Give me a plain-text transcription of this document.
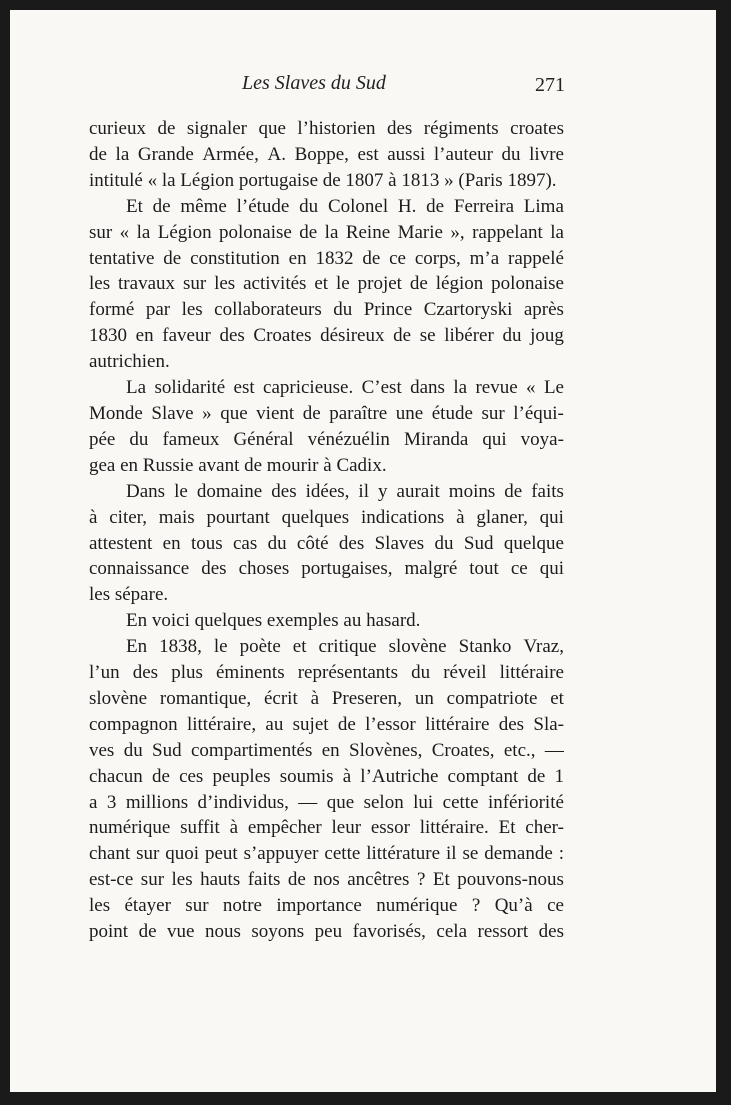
Les Slaves du Sud	271
curieux de signaler que l’historien des régiments croates
de la Grande Armée, A. Boppe, est aussi l’auteur du livre
intitulé « la Légion portugaise de 1807 à 1813 » (Paris 1897).
Et de même l’étude du Colonel H. de Ferreira Lima
sur « la Légion polonaise de la Reine Marie », rappelant la
tentative de constitution en 1832 de ce corps, m’a rappelé
les travaux sur les activités et le projet de légion polonaise
formé par les collaborateurs du Prince Czartoryski après
1830 en faveur des Croates désireux de se libérer du joug
autrichien.
La solidarité est capricieuse. C’est dans la revue « Le
Monde Slave » que vient de paraître une étude sur l’équi-
pée du fameux Général vénézuélin Miranda qui voya-
gea en Russie avant de mourir à Cadix.
Dans le domaine des idées, il y aurait moins de faits
à citer, mais pourtant quelques indications à glaner, qui
attestent en tous cas du côté des Slaves du Sud quelque
connaissance des choses portugaises, malgré tout ce qui
les sépare.
En voici quelques exemples au hasard.
En 1838, le poète et critique slovène Stanko Vraz,
l’un des plus éminents représentants du réveil littéraire
slovène romantique, écrit à Preseren, un compatriote et
compagnon littéraire, au sujet de l’essor littéraire des Sla-
ves du Sud compartimentés en Slovènes, Croates, etc., —
chacun de ces peuples soumis à l’Autriche comptant de 1
a 3 millions d’individus, — que selon lui cette infériorité
numérique suffit à empêcher leur essor littéraire. Et cher-
chant sur quoi peut s’appuyer cette littérature il se demande :
est-ce sur les hauts faits de nos ancêtres ? Et pouvons-nous
les étayer sur notre importance numérique ? Qu’à ce
point de vue nous soyons peu favorisés, cela ressort des
